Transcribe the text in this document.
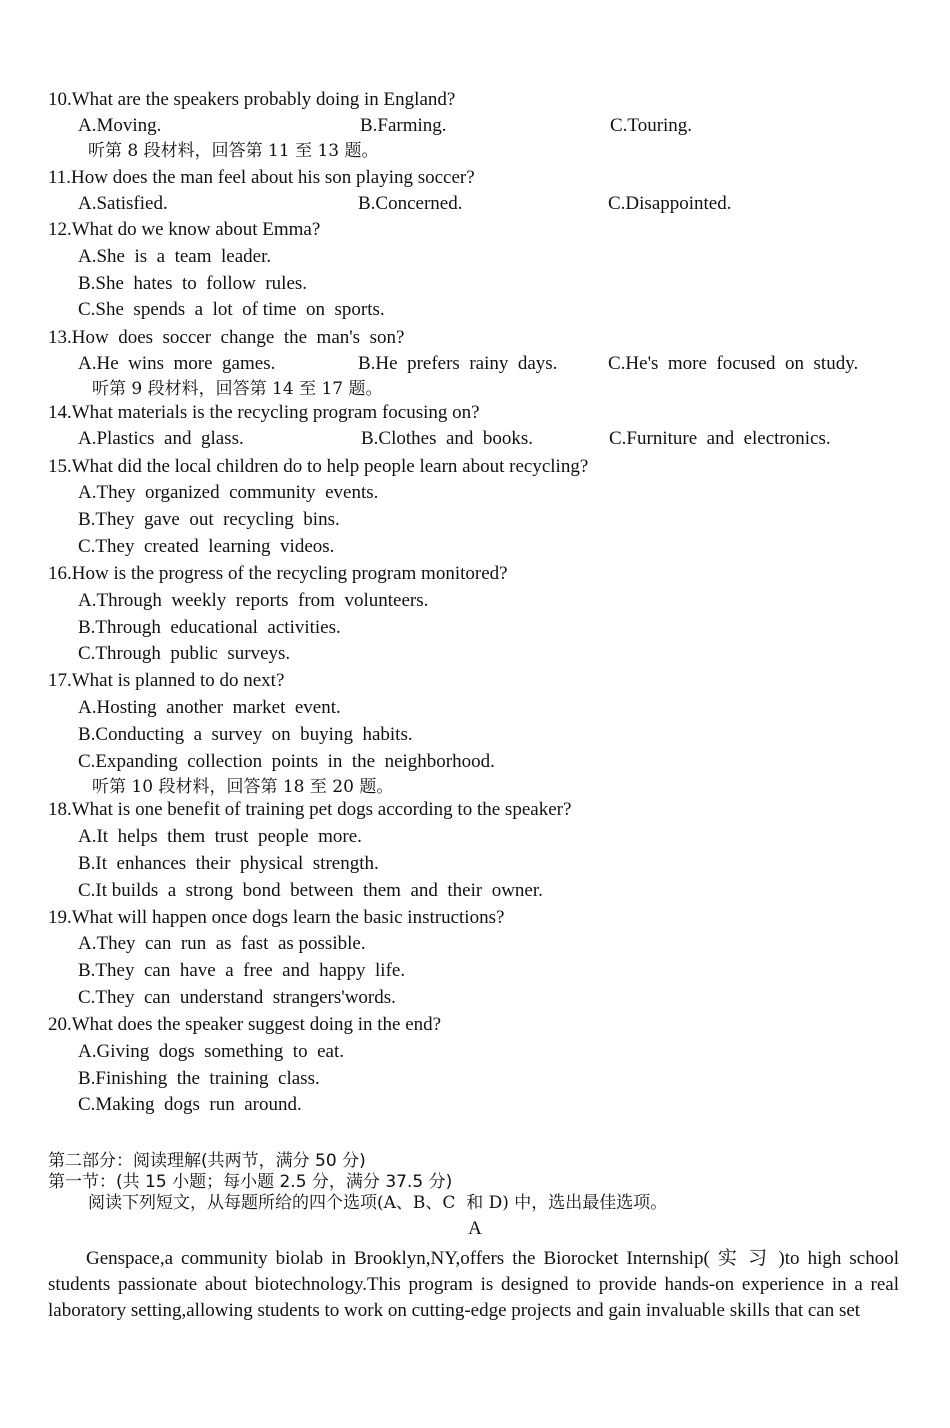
10.What are the speakers probably doing in England?
A.Moving.	B.Farming.	C.Touring.
听第 8 段材料，回答第 11 至 13 题。
11.How does the man feel about his son playing soccer?
A.Satisfied.	B.Concerned.	C.Disappointed.
12.What do we know about Emma?
A.She  is  a  team  leader.
B.She  hates  to  follow  rules.
C.She  spends  a  lot  of time  on  sports.
13.How  does  soccer  change  the  man's  son?
A.He  wins  more  games.	B.He  prefers  rainy  days.	C.He's  more  focused  on  study.
听第 9 段材料，回答第 14 至 17 题。
14.What materials is the recycling program focusing on?
A.Plastics  and  glass.	B.Clothes  and  books.	C.Furniture  and  electronics.
15.What did the local children do to help people learn about recycling?
A.They  organized  community  events.
B.They  gave  out  recycling  bins.
C.They  created  learning  videos.
16.How is the progress of the recycling program monitored?
A.Through  weekly  reports  from  volunteers.
B.Through  educational  activities.
C.Through  public  surveys.
17.What is planned to do next?
A.Hosting  another  market  event.
B.Conducting  a  survey  on  buying  habits.
C.Expanding  collection  points  in  the  neighborhood.
听第 10 段材料，回答第 18 至 20 题。
18.What is one benefit of training pet dogs according to the speaker?
A.It  helps  them  trust  people  more.
B.It  enhances  their  physical  strength.
C.It builds  a  strong  bond  between  them  and  their  owner.
19.What will happen once dogs learn the basic instructions?
A.They  can  run  as  fast  as possible.
B.They  can  have  a  free  and  happy  life.
C.They  can  understand  strangers'words.
20.What does the speaker suggest doing in the end?
A.Giving  dogs  something  to  eat.
B.Finishing  the  training  class.
C.Making  dogs  run  around.
第二部分：阅读理解(共两节，满分 50 分)
第一节：(共 15 小题；每小题 2.5 分，满分 37.5 分)
阅读下列短文，从每题所给的四个选项(A、B、C  和 D) 中，选出最佳选项。
A
Genspace,a community biolab in Brooklyn,NY,offers the Biorocket Internship( 实 习 )to high school students passionate about biotechnology.This program is designed to provide hands-on experience in a real laboratory setting,allowing students to work on cutting-edge projects and gain invaluable skills that can set
